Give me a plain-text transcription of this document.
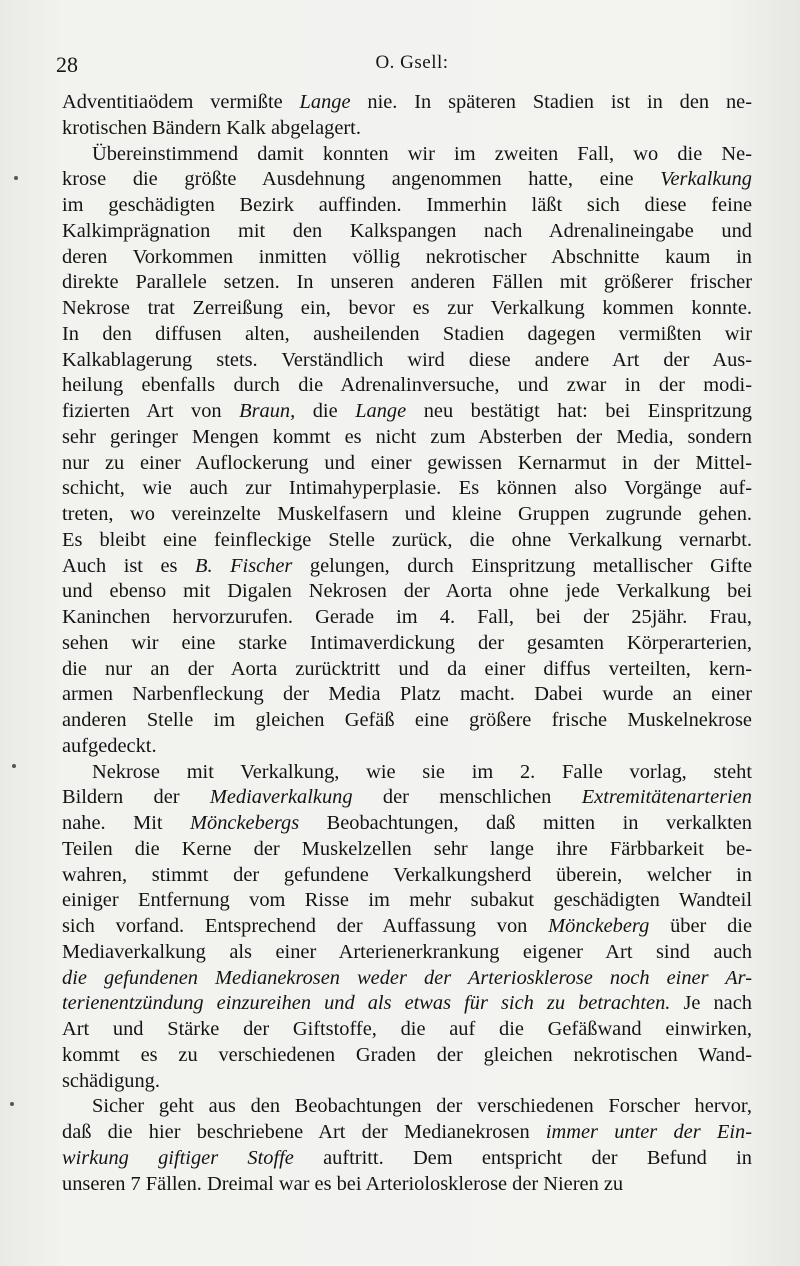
28	O. Gsell:
Adventitiaödem vermißte Lange nie. In späteren Stadien ist in den ne-
krotischen Bändern Kalk abgelagert.
Übereinstimmend damit konnten wir im zweiten Fall, wo die Ne-
krose die größte Ausdehnung angenommen hatte, eine Verkalkung
im geschädigten Bezirk auffinden. Immerhin läßt sich diese feine
Kalkimprägnation mit den Kalkspangen nach Adrenalineingabe und
deren Vorkommen inmitten völlig nekrotischer Abschnitte kaum in
direkte Parallele setzen. In unseren anderen Fällen mit größerer frischer
Nekrose trat Zerreißung ein, bevor es zur Verkalkung kommen konnte.
In den diffusen alten, ausheilenden Stadien dagegen vermißten wir
Kalkablagerung stets. Verständlich wird diese andere Art der Aus-
heilung ebenfalls durch die Adrenalinversuche, und zwar in der modi-
fizierten Art von Braun, die Lange neu bestätigt hat: bei Einspritzung
sehr geringer Mengen kommt es nicht zum Absterben der Media, sondern
nur zu einer Auflockerung und einer gewissen Kernarmut in der Mittel-
schicht, wie auch zur Intimahyperplasie. Es können also Vorgänge auf-
treten, wo vereinzelte Muskelfasern und kleine Gruppen zugrunde gehen.
Es bleibt eine feinfleckige Stelle zurück, die ohne Verkalkung vernarbt.
Auch ist es B. Fischer gelungen, durch Einspritzung metallischer Gifte
und ebenso mit Digalen Nekrosen der Aorta ohne jede Verkalkung bei
Kaninchen hervorzurufen. Gerade im 4. Fall, bei der 25jähr. Frau,
sehen wir eine starke Intimaverdickung der gesamten Körperarterien,
die nur an der Aorta zurücktritt und da einer diffus verteilten, kern-
armen Narbenfleckung der Media Platz macht. Dabei wurde an einer
anderen Stelle im gleichen Gefäß eine größere frische Muskelnekrose
aufgedeckt.
Nekrose mit Verkalkung, wie sie im 2. Falle vorlag, steht
Bildern der Mediaverkalkung der menschlichen Extremitätenarterien
nahe. Mit Mönckebergs Beobachtungen, daß mitten in verkalkten
Teilen die Kerne der Muskelzellen sehr lange ihre Färbbarkeit be-
wahren, stimmt der gefundene Verkalkungsherd überein, welcher in
einiger Entfernung vom Risse im mehr subakut geschädigten Wandteil
sich vorfand. Entsprechend der Auffassung von Mönckeberg über die
Mediaverkalkung als einer Arterienerkrankung eigener Art sind auch
die gefundenen Medianekrosen weder der Arteriosklerose noch einer Ar-
terienentzündung einzureihen und als etwas für sich zu betrachten. Je nach
Art und Stärke der Giftstoffe, die auf die Gefäßwand einwirken,
kommt es zu verschiedenen Graden der gleichen nekrotischen Wand-
schädigung.
Sicher geht aus den Beobachtungen der verschiedenen Forscher hervor,
daß die hier beschriebene Art der Medianekrosen immer unter der Ein-
wirkung giftiger Stoffe auftritt. Dem entspricht der Befund in
unseren 7 Fällen. Dreimal war es bei Arteriolosklerose der Nieren zu
